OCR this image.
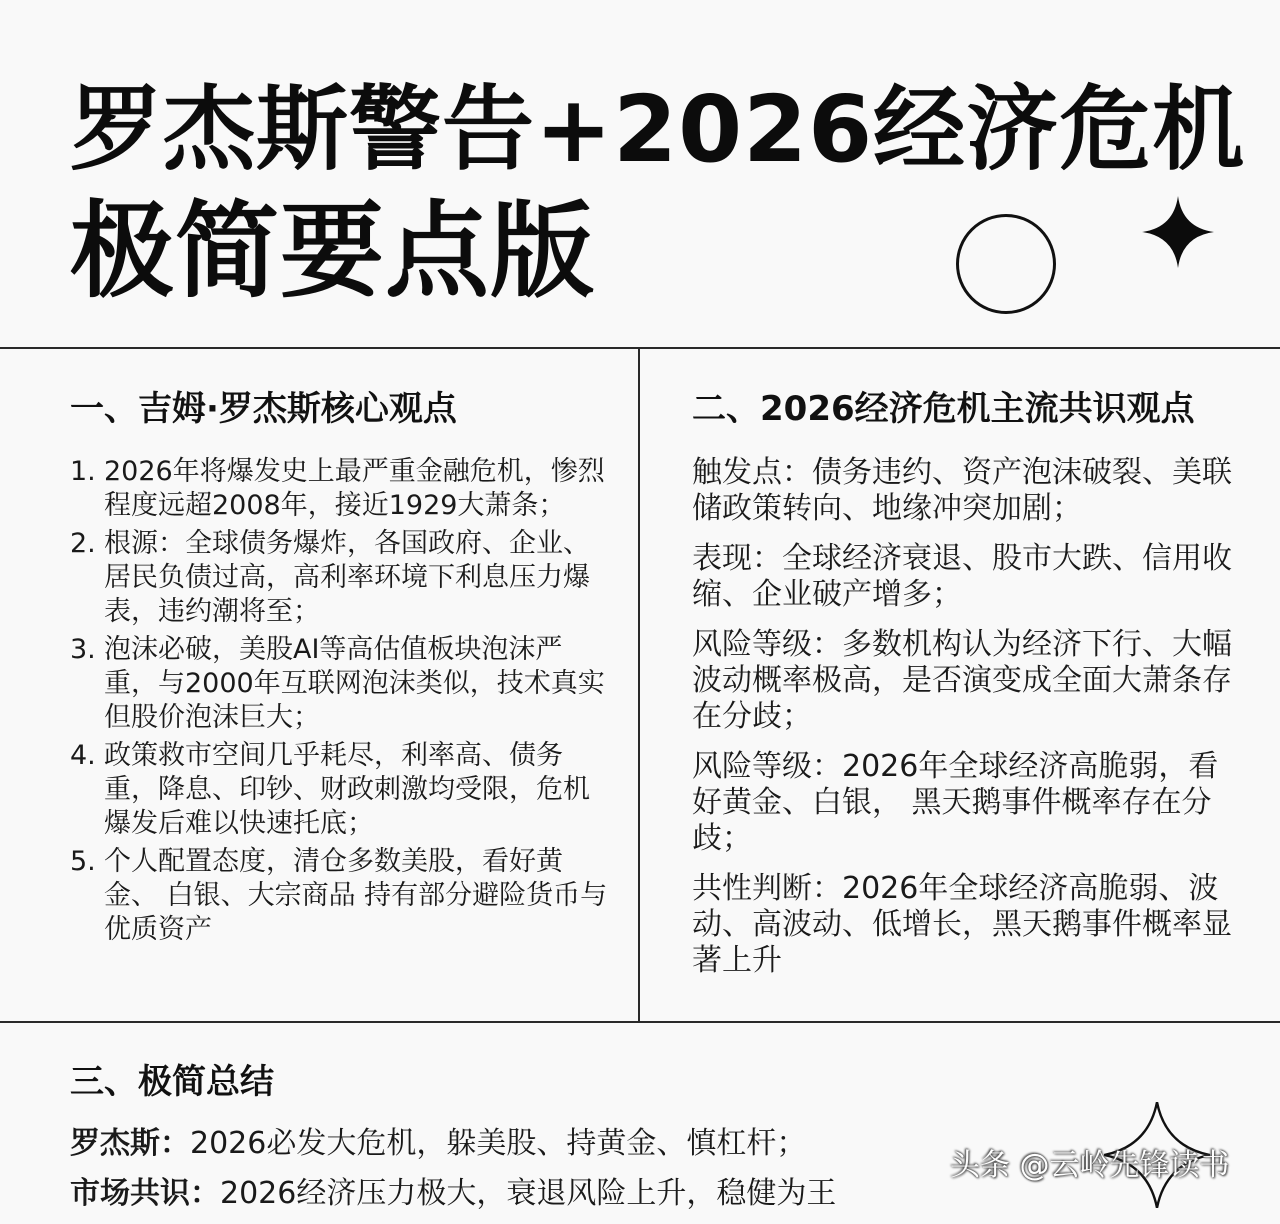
罗杰斯警告+2026经济危机
极简要点版
一、吉姆·罗杰斯核心观点
1. 2026年将爆发史上最严重金融危机，惨烈程度远超2008年，接近1929大萧条；
2. 根源：全球债务爆炸，各国政府、企业、居民负债过高，高利率环境下利息压力爆表，违约潮将至；
3. 泡沫必破，美股AI等高估值板块泡沫严重，与2000年互联网泡沫类似，技术真实但股价泡沫巨大；
4. 政策救市空间几乎耗尽，利率高、债务重，降息、印钞、财政刺激均受限，危机爆发后难以快速托底；
5. 个人配置态度，清仓多数美股，看好黄金、 白银、大宗商品 持有部分避险货币与优质资产
二、2026经济危机主流共识观点

触发点：债务违约、资产泡沫破裂、美联储政策转向、地缘冲突加剧；

表现：全球经济衰退、股市大跌、信用收缩、企业破产增多；

风险等级：多数机构认为经济下行、大幅波动概率极高，是否演变成全面大萧条存在分歧；

风险等级：2026年全球经济高脆弱，看好黄金、白银， 黑天鹅事件概率存在分歧；

共性判断：2026年全球经济高脆弱、波动、高波动、低增长，黑天鹅事件概率显著上升

三、极简总结

罗杰斯：2026必发大危机，躲美股、持黄金、慎杠杆；

市场共识：2026经济压力极大，衰退风险上升，稳健为王

头条 @云岭先锋读书
